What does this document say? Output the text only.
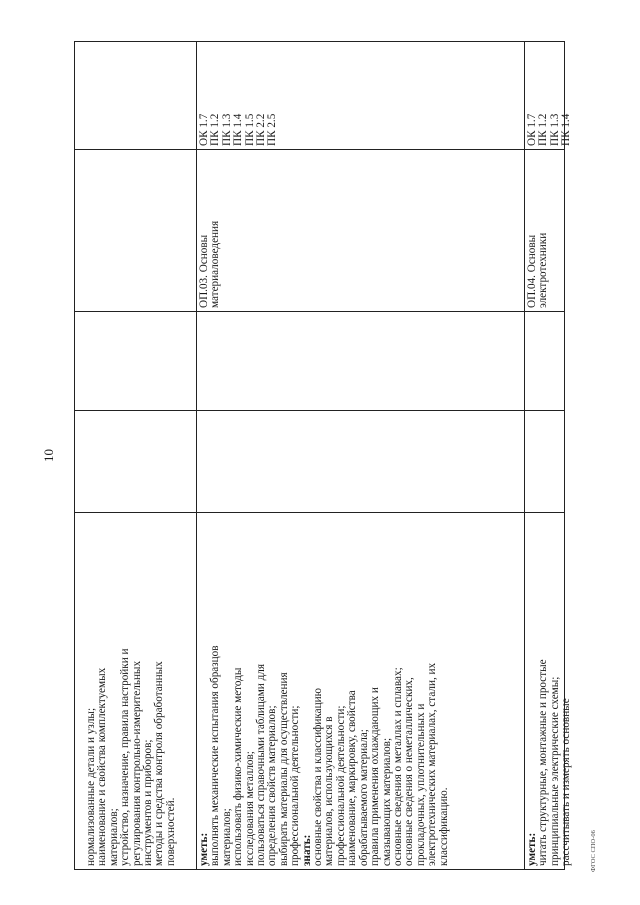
10
ФГОС СПО-06
нормализованные детали и узлы; наименование и свойства комплектуемых материалов; устройство, назначение, правила настройки и регулирования контрольно-измерительных инструментов и приборов; методы и средства контроля обработанных поверхностей. уметь: выполнять механические испытания образцов материалов; использовать физико-химические методы исследования металлов; пользоваться справочными таблицами для определения свойств материалов; выбирать материалы для осуществления профессиональной деятельности; знать: основные свойства и классификацию материалов, использующихся в профессиональной деятельности; наименование, маркировку, свойства обрабатываемого материала; правила применения охлаждающих и смазывающих материалов; основные сведения о металлах и сплавах; основные сведения о неметаллических, прокладочных, уплотнительных и электротехнических материалах, стали, их классификацию.
ОП.03. Основы материаловедения
ОК 1.7 ПК 1.2 ПК 1.3 ПК 1.4 ПК 1.5 ПК 2.2 ПК 2.5
уметь: читать структурные, монтажные и простые принципиальные электрические схемы; рассчитывать и измерять основные
ОП.04. Основы электротехники
ОК 1.7 ПК 1.2 ПК 1.3 ПК 1.4
